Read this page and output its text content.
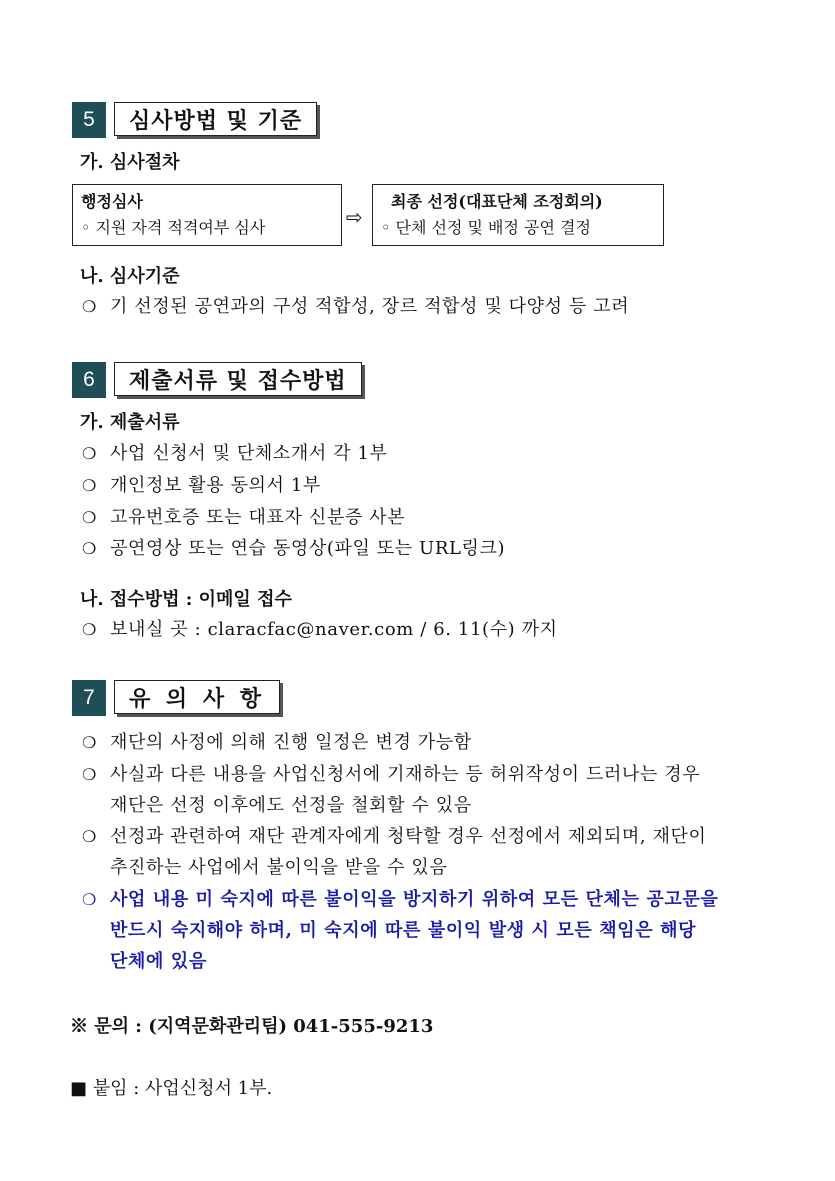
5	심사방법 및 기준
가. 심사절차
행정심사
◦ 지원 자격 적격여부 심사	⇨
최종 선정(대표단체 조정회의)
◦ 단체 선정 및 배정 공연 결정
나. 심사기준
❍ 기 선정된 공연과의 구성 적합성, 장르 적합성 및 다양성 등 고려
6	제출서류 및 접수방법
가. 제출서류
❍ 사업 신청서 및 단체소개서 각 1부
❍ 개인정보 활용 동의서 1부
❍ 고유번호증 또는 대표자 신분증 사본
❍ 공연영상 또는 연습 동영상(파일 또는 URL링크)
나. 접수방법 : 이메일 접수
❍ 보내실 곳 : claracfac@naver.com / 6. 11(수) 까지
7	유 의 사 항
❍ 재단의 사정에 의해 진행 일정은 변경 가능함
❍ 사실과 다른 내용을 사업신청서에 기재하는 등 허위작성이 드러나는 경우
재단은 선정 이후에도 선정을 철회할 수 있음
❍ 선정과 관련하여 재단 관계자에게 청탁할 경우 선정에서 제외되며, 재단이
추진하는 사업에서 불이익을 받을 수 있음
❍ 사업 내용 미 숙지에 따른 불이익을 방지하기 위하여 모든 단체는 공고문을
반드시 숙지해야 하며, 미 숙지에 따른 불이익 발생 시 모든 책임은 해당
단체에 있음
※ 문의 : (지역문화관리팀) 041-555-9213
■ 붙임 : 사업신청서 1부.
